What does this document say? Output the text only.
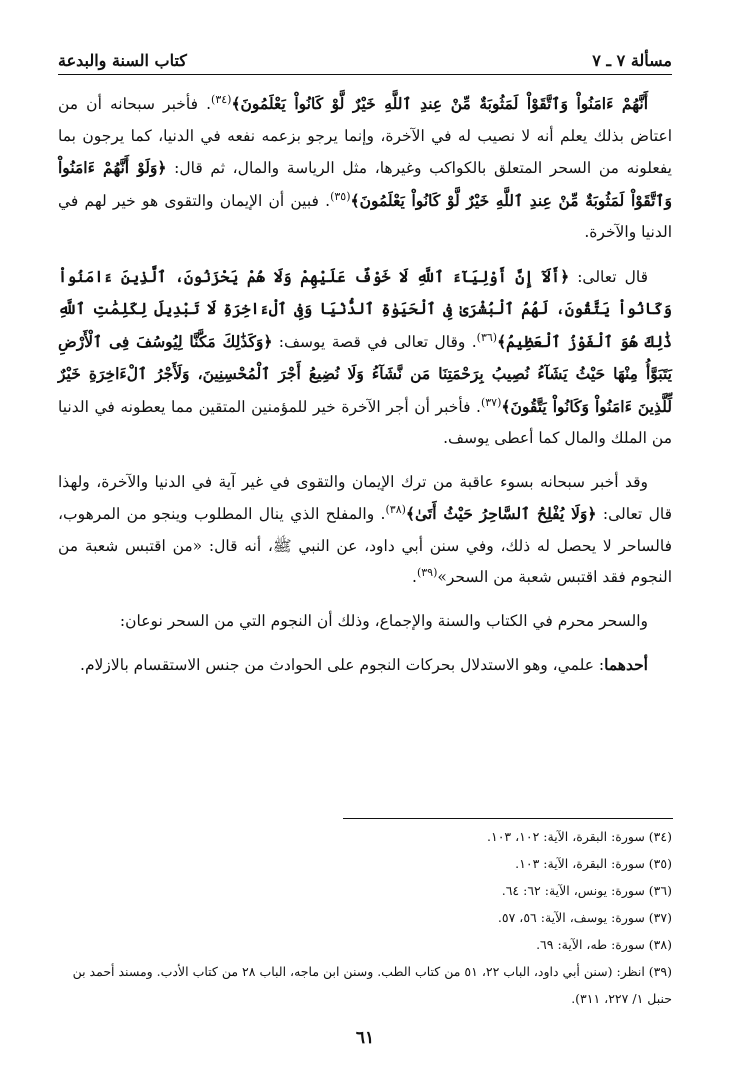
مسألة ٧ ـ ٧
كتاب السنة والبدعة

أَنَّهُمْ ءَامَنُواْ وَٱتَّقَوْاْ لَمَثُوبَةٌ مِّنْ عِندِ ٱللَّهِ خَيْرٌ لَّوْ كَانُواْ يَعْلَمُونَ﴾$^{(٣٤)}$. فأخبر سبحانه أن من اعتاض بذلك يعلم أنه لا نصيب له في الآخرة، وإنما يرجو بزعمه نفعه في الدنيا، كما يرجون بما يفعلونه من السحر المتعلق بالكواكب وغيرها، مثل الرياسة والمال، ثم قال: ﴿وَلَوْ أَنَّهُمْ ءَامَنُواْ وَٱتَّقَوْاْ لَمَثُوبَةٌ مِّنْ عِندِ ٱللَّهِ خَيْرٌ لَّوْ كَانُواْ يَعْلَمُونَ﴾$^{(٣٥)}$. فبين أن الإيمان والتقوى هو خير لهم في الدنيا والآخرة.

قال تعالى: ﴿أَلَآ إِنَّ أَوْلِيَآءَ ٱللَّهِ لَا خَوْفٌ عَلَيْهِمْ وَلَا هُمْ يَحْزَنُونَ، ٱلَّذِينَ ءَامَنُواْ وَكَانُواْ يَتَّقُونَ، لَهُمُ ٱلْبُشْرَىٰ فِى ٱلْحَيَوٰةِ ٱلدُّنْيَا وَفِى ٱلْءَاخِرَةِ لَا تَبْدِيلَ لِكَلِمَٰتِ ٱللَّهِ ذَٰلِكَ هُوَ ٱلْفَوْزُ ٱلْعَظِيمُ﴾$^{(٣٦)}$. وقال تعالى في قصة يوسف: ﴿وَكَذَٰلِكَ مَكَّنَّا لِيُوسُفَ فِى ٱلْأَرْضِ يَتَبَوَّأُ مِنْهَا حَيْثُ يَشَآءُ نُصِيبُ بِرَحْمَتِنَا مَن نَّشَآءُ وَلَا نُضِيعُ أَجْرَ ٱلْمُحْسِنِينَ، وَلَأَجْرُ ٱلْءَاخِرَةِ خَيْرٌ لِّلَّذِينَ ءَامَنُواْ وَكَانُواْ يَتَّقُونَ﴾$^{(٣٧)}$. فأخبر أن أجر الآخرة خير للمؤمنين المتقين مما يعطونه في الدنيا من الملك والمال كما أعطى يوسف.

وقد أخبر سبحانه بسوء عاقبة من ترك الإيمان والتقوى في غير آية في الدنيا والآخرة، ولهذا قال تعالى: ﴿وَلَا يُفْلِحُ ٱلسَّاحِرُ حَيْثُ أَتَىٰ﴾$^{(٣٨)}$. والمفلح الذي ينال المطلوب وينجو من المرهوب، فالساحر لا يحصل له ذلك، وفي سنن أبي داود، عن النبي ﷺ، أنه قال: «من اقتبس شعبة من النجوم فقد اقتبس شعبة من السحر»$^{(٣٩)}$.

والسحر محرم في الكتاب والسنة والإجماع، وذلك أن النجوم التي من السحر نوعان:

أحدهما: علمي، وهو الاستدلال بحركات النجوم على الحوادث من جنس الاستقسام بالازلام.

(٣٤) سورة: البقرة، الآية: ١٠٢، ١٠٣.
(٣٥) سورة: البقرة، الآية: ١٠٣.
(٣٦) سورة: يونس، الآية: ٦٢: ٦٤.
(٣٧) سورة: يوسف، الآية: ٥٦، ٥٧.
(٣٨) سورة: طه، الآية: ٦٩.
(٣٩) انظر: (سنن أبي داود، الباب ٢٢، ٥١ من كتاب الطب. وسنن ابن ماجه، الباب ٢٨ من كتاب الأدب. ومسند أحمد بن حنبل ١/ ٢٢٧، ٣١١).
٦١
